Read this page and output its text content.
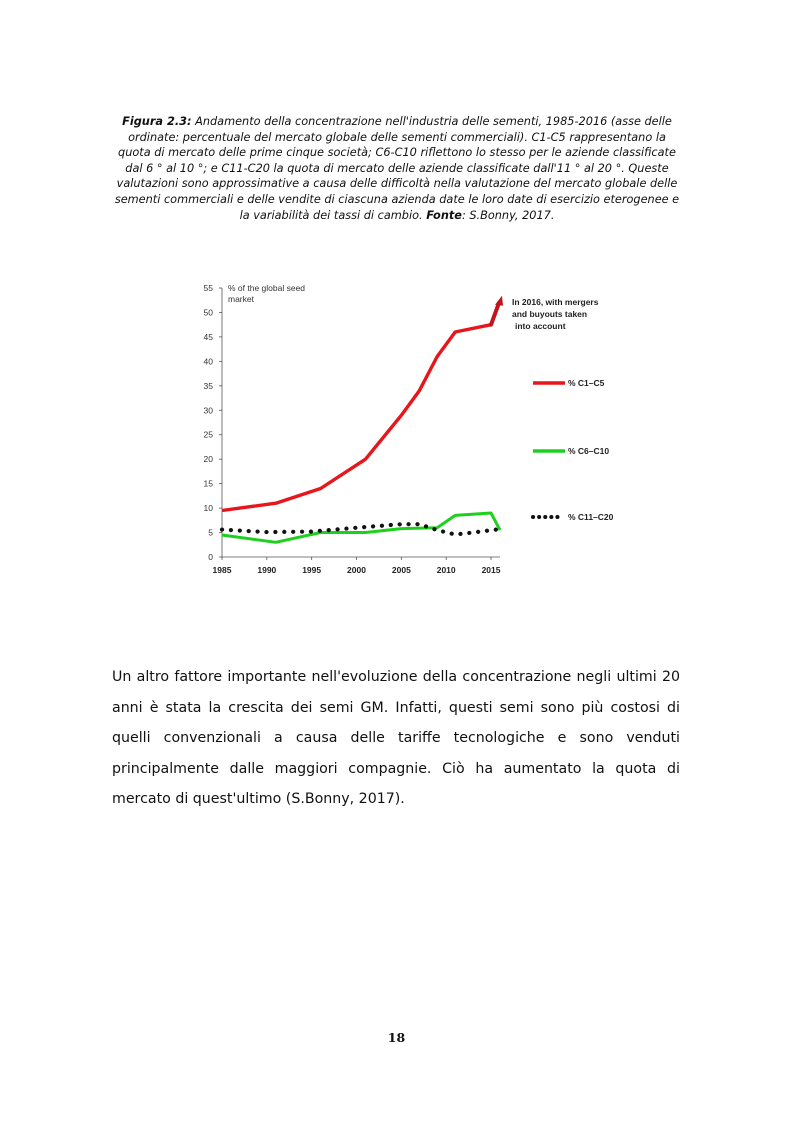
Figura 2.3: Andamento della concentrazione nell'industria delle sementi, 1985-2016 (asse delle ordinate: percentuale del mercato globale delle sementi commerciali). C1-C5 rappresentano la quota di mercato delle prime cinque società; C6-C10 riflettono lo stesso per le aziende classificate dal 6 ° al 10 °; e C11-C20 la quota di mercato delle aziende classificate dall'11 ° al 20 °. Queste valutazioni sono approssimative a causa delle difficoltà nella valutazione del mercato globale delle sementi commerciali e delle vendite di ciascuna azienda date le loro date di esercizio eterogenee e la variabilità dei tassi di cambio. Fonte: S.Bonny, 2017.
0
5
10
15
20
25
30
35
40
45
50
55
1985	1990	1995	2000	2005	2010	2015
% of the global seed
market	In 2016, with mergers
and buyouts taken
into account
% C1–C5
% C6–C10
% C11–C20
Un altro fattore importante nell'evoluzione della concentrazione negli ultimi 20 anni è stata la crescita dei semi GM. Infatti, questi semi sono più costosi di quelli convenzionali a causa delle tariffe tecnologiche e sono venduti principalmente dalle maggiori compagnie. Ciò ha aumentato la quota di mercato di quest'ultimo (S.Bonny, 2017).
18
